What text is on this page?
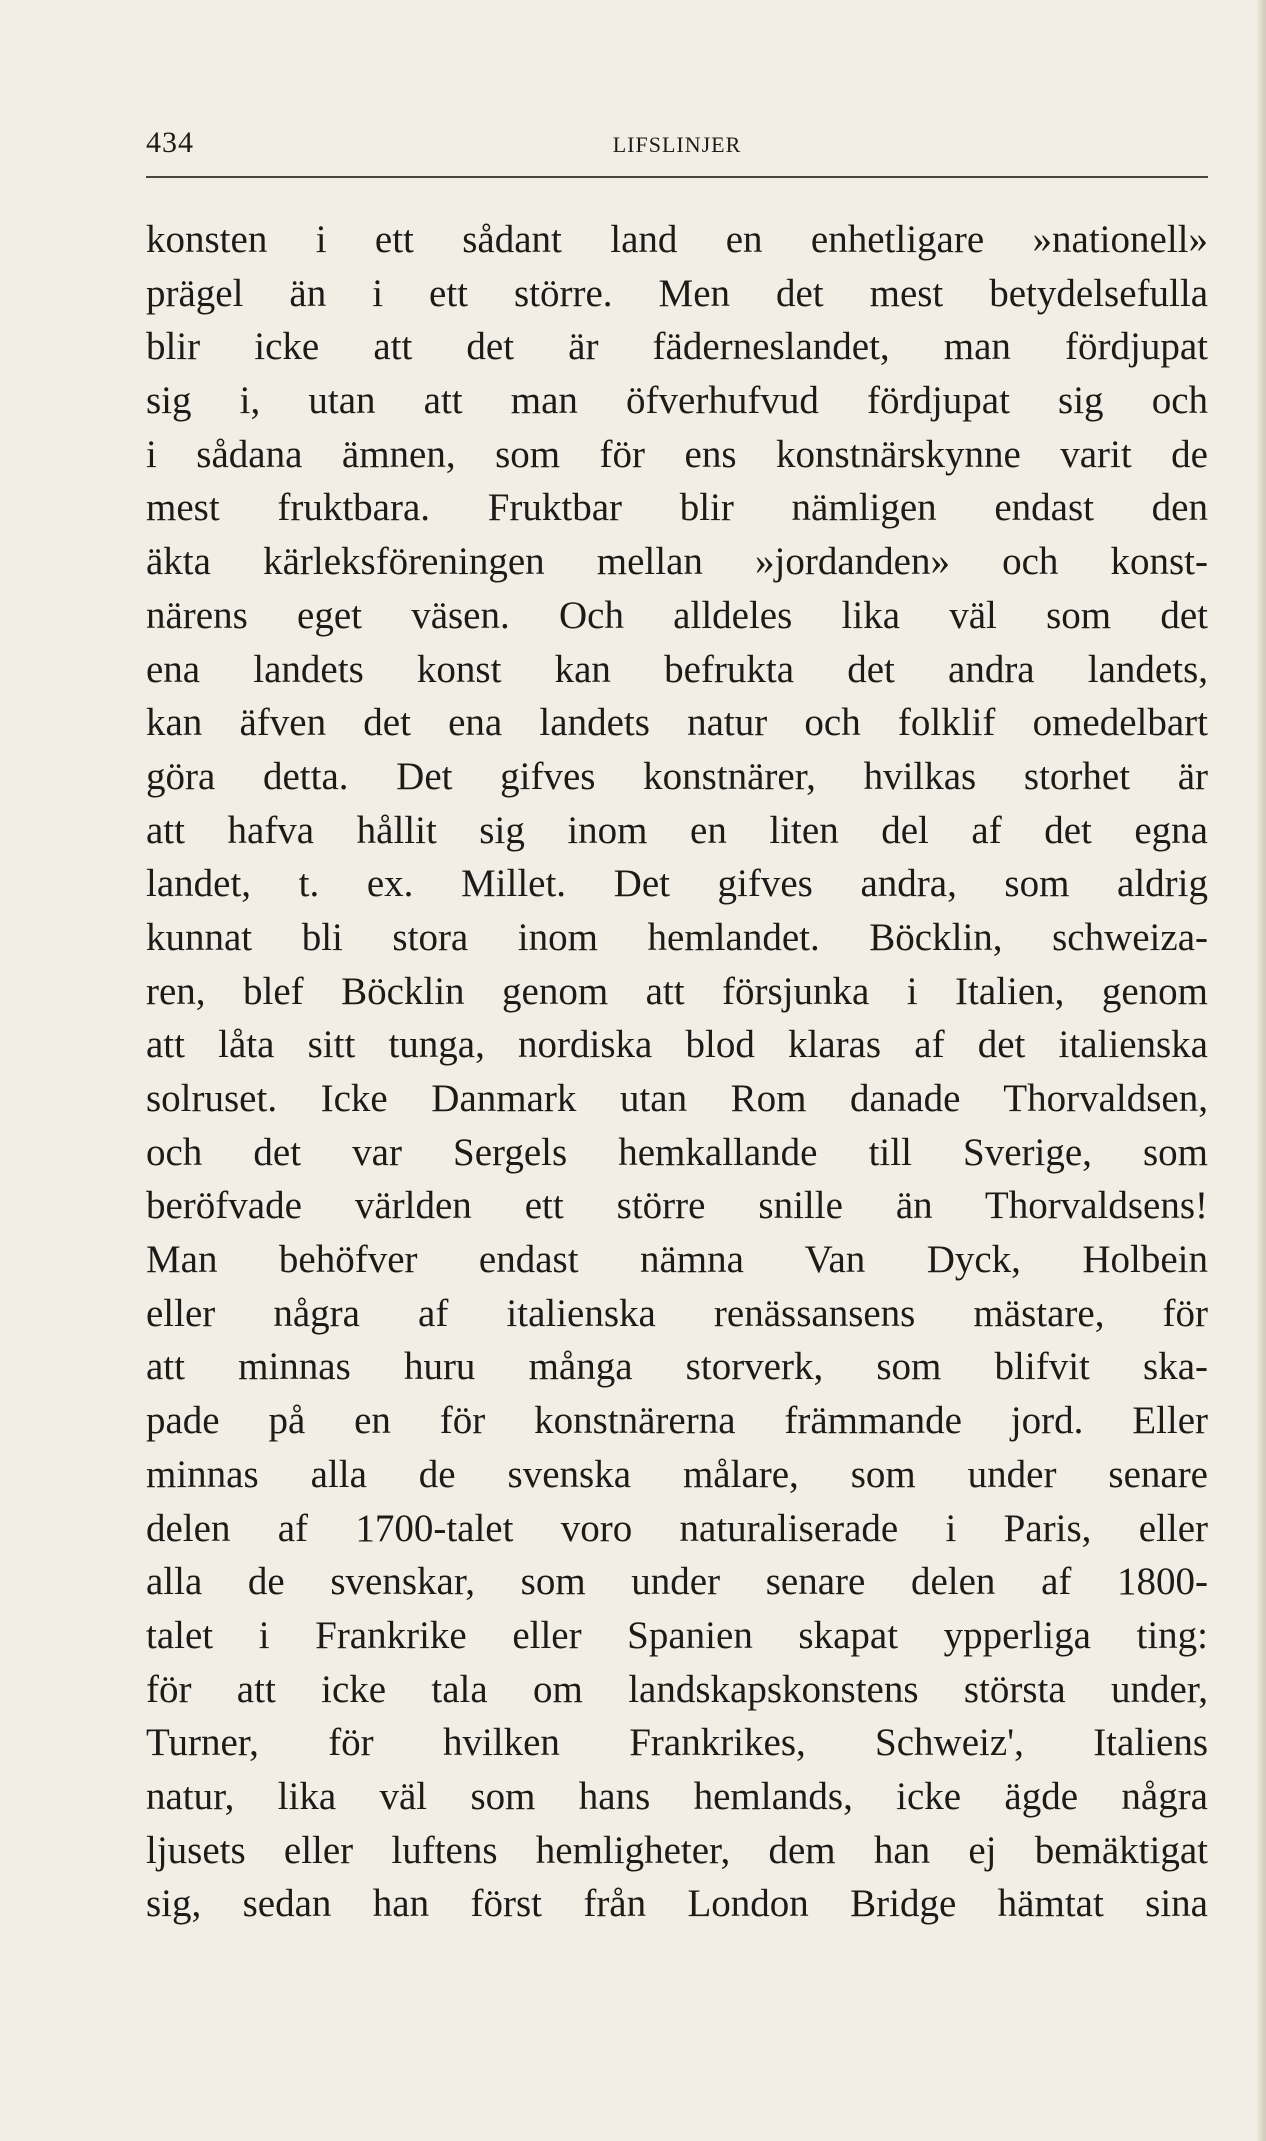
434	LIFSLINJER
konsten i ett sådant land en enhetligare »nationell»
prägel än i ett större. Men det mest betydelsefulla
blir icke att det är fäderneslandet, man fördjupat
sig i, utan att man öfverhufvud fördjupat sig och
i sådana ämnen, som för ens konstnärskynne varit de
mest fruktbara. Fruktbar blir nämligen endast den
äkta kärleksföreningen mellan »jordanden» och konst-
närens eget väsen. Och alldeles lika väl som det
ena landets konst kan befrukta det andra landets,
kan äfven det ena landets natur och folklif omedelbart
göra detta. Det gifves konstnärer, hvilkas storhet är
att hafva hållit sig inom en liten del af det egna
landet, t. ex. Millet. Det gifves andra, som aldrig
kunnat bli stora inom hemlandet. Böcklin, schweiza-
ren, blef Böcklin genom att försjunka i Italien, genom
att låta sitt tunga, nordiska blod klaras af det italienska
solruset. Icke Danmark utan Rom danade Thorvaldsen,
och det var Sergels hemkallande till Sverige, som
beröfvade världen ett större snille än Thorvaldsens!
Man behöfver endast nämna Van Dyck, Holbein
eller några af italienska renässansens mästare, för
att minnas huru många storverk, som blifvit ska-
pade på en för konstnärerna främmande jord. Eller
minnas alla de svenska målare, som under senare
delen af 1700-talet voro naturaliserade i Paris, eller
alla de svenskar, som under senare delen af 1800-
talet i Frankrike eller Spanien skapat ypperliga ting:
för att icke tala om landskapskonstens största under,
Turner, för hvilken Frankrikes, Schweiz', Italiens
natur, lika väl som hans hemlands, icke ägde några
ljusets eller luftens hemligheter, dem han ej bemäktigat
sig, sedan han först från London Bridge hämtat sina
